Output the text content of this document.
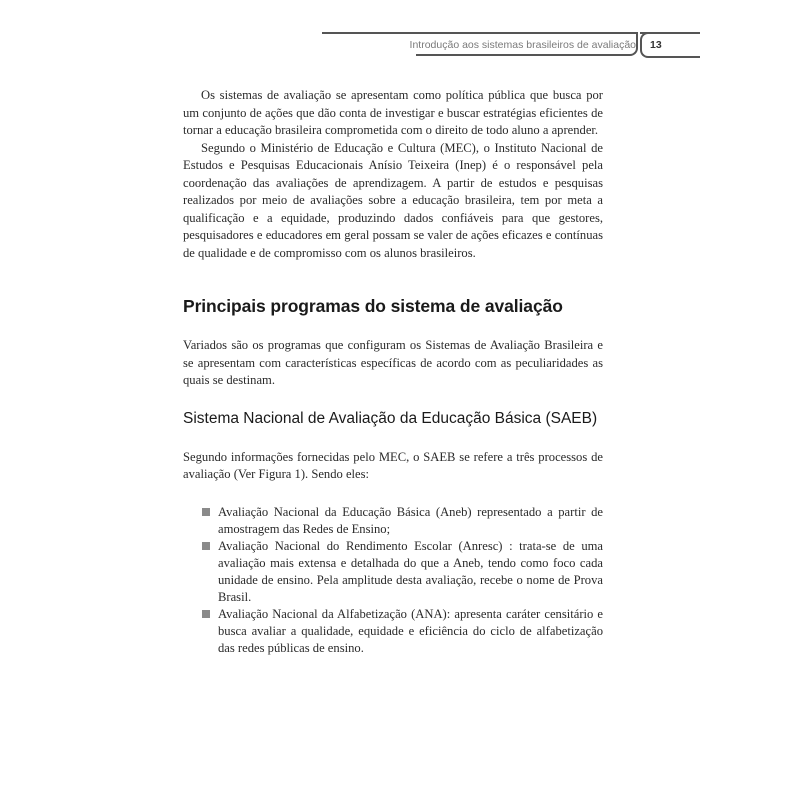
Introdução aos sistemas brasileiros de avaliação 13

Os sistemas de avaliação se apresentam como política pública que busca por um conjunto de ações que dão conta de investigar e buscar estratégias eficientes de tornar a educação brasileira comprometida com o direito de todo aluno a aprender.

Segundo o Ministério de Educação e Cultura (MEC), o Instituto Nacional de Estudos e Pesquisas Educacionais Anísio Teixeira (Inep) é o responsável pela coordenação das avaliações de aprendizagem. A partir de estudos e pesquisas realizados por meio de avaliações sobre a educação brasileira, tem por meta a qualificação e a equidade, produzindo dados confiáveis para que gestores, pesquisadores e educadores em geral possam se valer de ações eficazes e contínuas de qualidade e de compromisso com os alunos brasileiros.

Principais programas do sistema de avaliação

Variados são os programas que configuram os Sistemas de Avaliação Brasileira e se apresentam com características específicas de acordo com as peculiaridades as quais se destinam.

Sistema Nacional de Avaliação da Educação Básica (SAEB)

Segundo informações fornecidas pelo MEC, o SAEB se refere a três processos de avaliação (Ver Figura 1). Sendo eles:

Avaliação Nacional da Educação Básica (Aneb) representado a partir de amostragem das Redes de Ensino;
Avaliação Nacional do Rendimento Escolar (Anresc) : trata-se de uma avaliação mais extensa e detalhada do que a Aneb, tendo como foco cada unidade de ensino. Pela amplitude desta avaliação, recebe o nome de Prova Brasil.
Avaliação Nacional da Alfabetização (ANA): apresenta caráter censitário e busca avaliar a qualidade, equidade e eficiência do ciclo de alfabetização das redes públicas de ensino.
